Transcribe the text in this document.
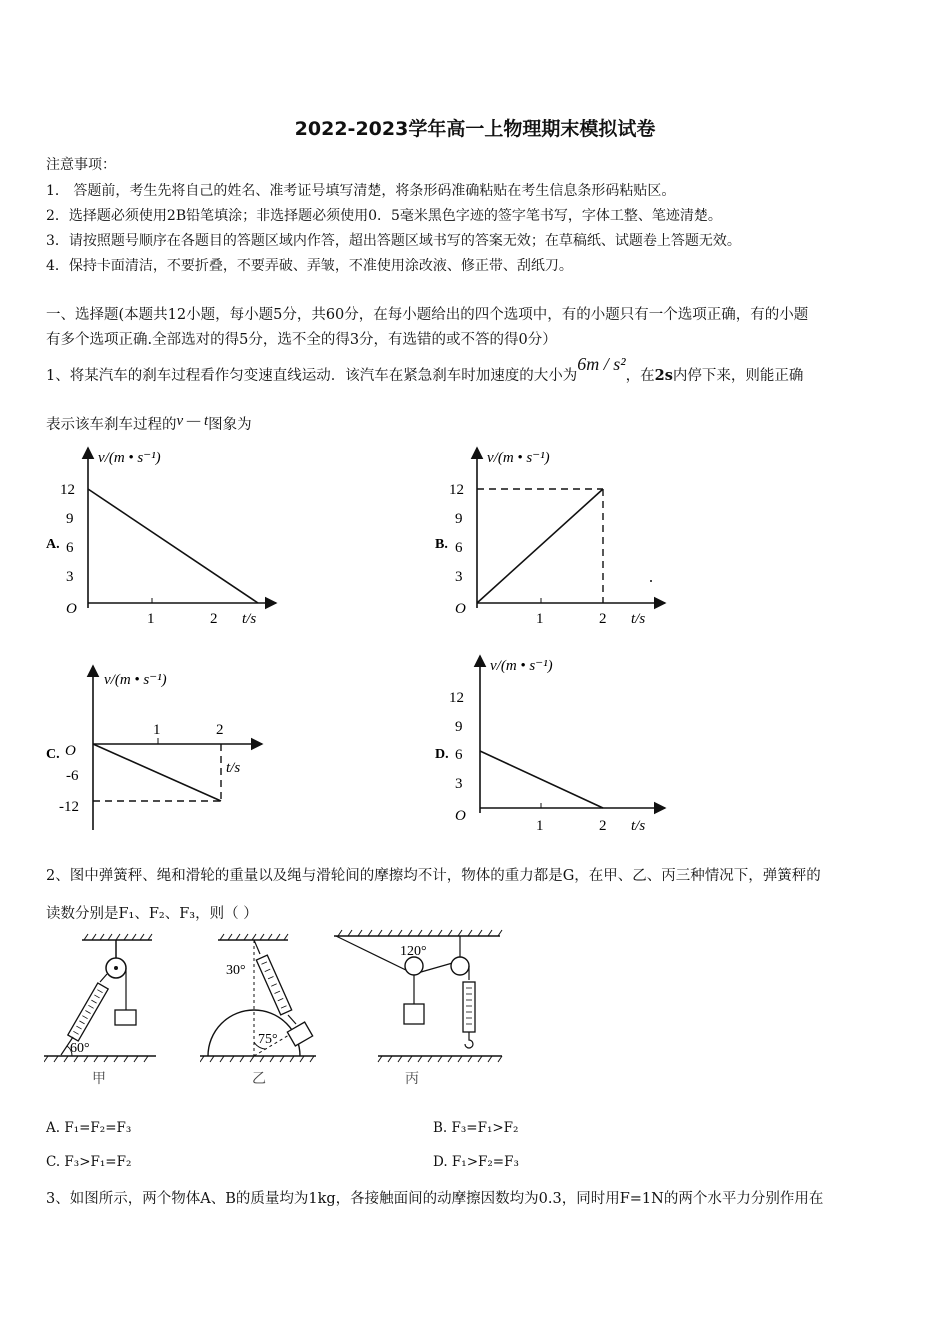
2022-2023学年高一上物理期末模拟试卷
注意事项：
1． 答题前，考生先将自己的姓名、准考证号填写清楚，将条形码准确粘贴在考生信息条形码粘贴区。
2．选择题必须使用2B铅笔填涂；非选择题必须使用0．5毫米黑色字迹的签字笔书写，字体工整、笔迹清楚。
3．请按照题号顺序在各题目的答题区域内作答，超出答题区域书写的答案无效；在草稿纸、试题卷上答题无效。
4．保持卡面清洁，不要折叠，不要弄破、弄皱，不准使用涂改液、修正带、刮纸刀。
一、选择题(本题共12小题，每小题5分，共60分，在每小题给出的四个选项中，有的小题只有一个选项正确，有的小题
有多个选项正确.全部选对的得5分，选不全的得3分，有选错的或不答的得0分）
1、将某汽车的刹车过程看作匀变速直线运动．该汽车在紧急刹车时加速度的大小为6m / s²，在2s内停下来，则能正确
表示该车刹车过程的v — t图象为
A.
v/(m • s⁻¹)
12
9
6
3
O
1	2 t/s
B.
v/(m • s⁻¹)
12
9
6
3
O
1	2 t/s
C.
v/(m • s⁻¹)
O
-6
-12
1	2
t/s
D.
v/(m • s⁻¹)
12
9
6
3
O
1	2 t/s
2、图中弹簧秤、绳和滑轮的重量以及绳与滑轮间的摩擦均不计，物体的重力都是G，在甲、乙、丙三种情况下，弹簧秤的
读数分别是F₁、F₂、F₃，则（ ）
60°
甲
75°
30°
乙
120°
丙
A. F₁=F₂=F₃	B. F₃=F₁>F₂
C. F₃>F₁=F₂	D. F₁>F₂=F₃
3、如图所示，两个物体A、B的质量均为1kg，各接触面间的动摩擦因数均为0.3，同时用F=1N的两个水平力分别作用在
